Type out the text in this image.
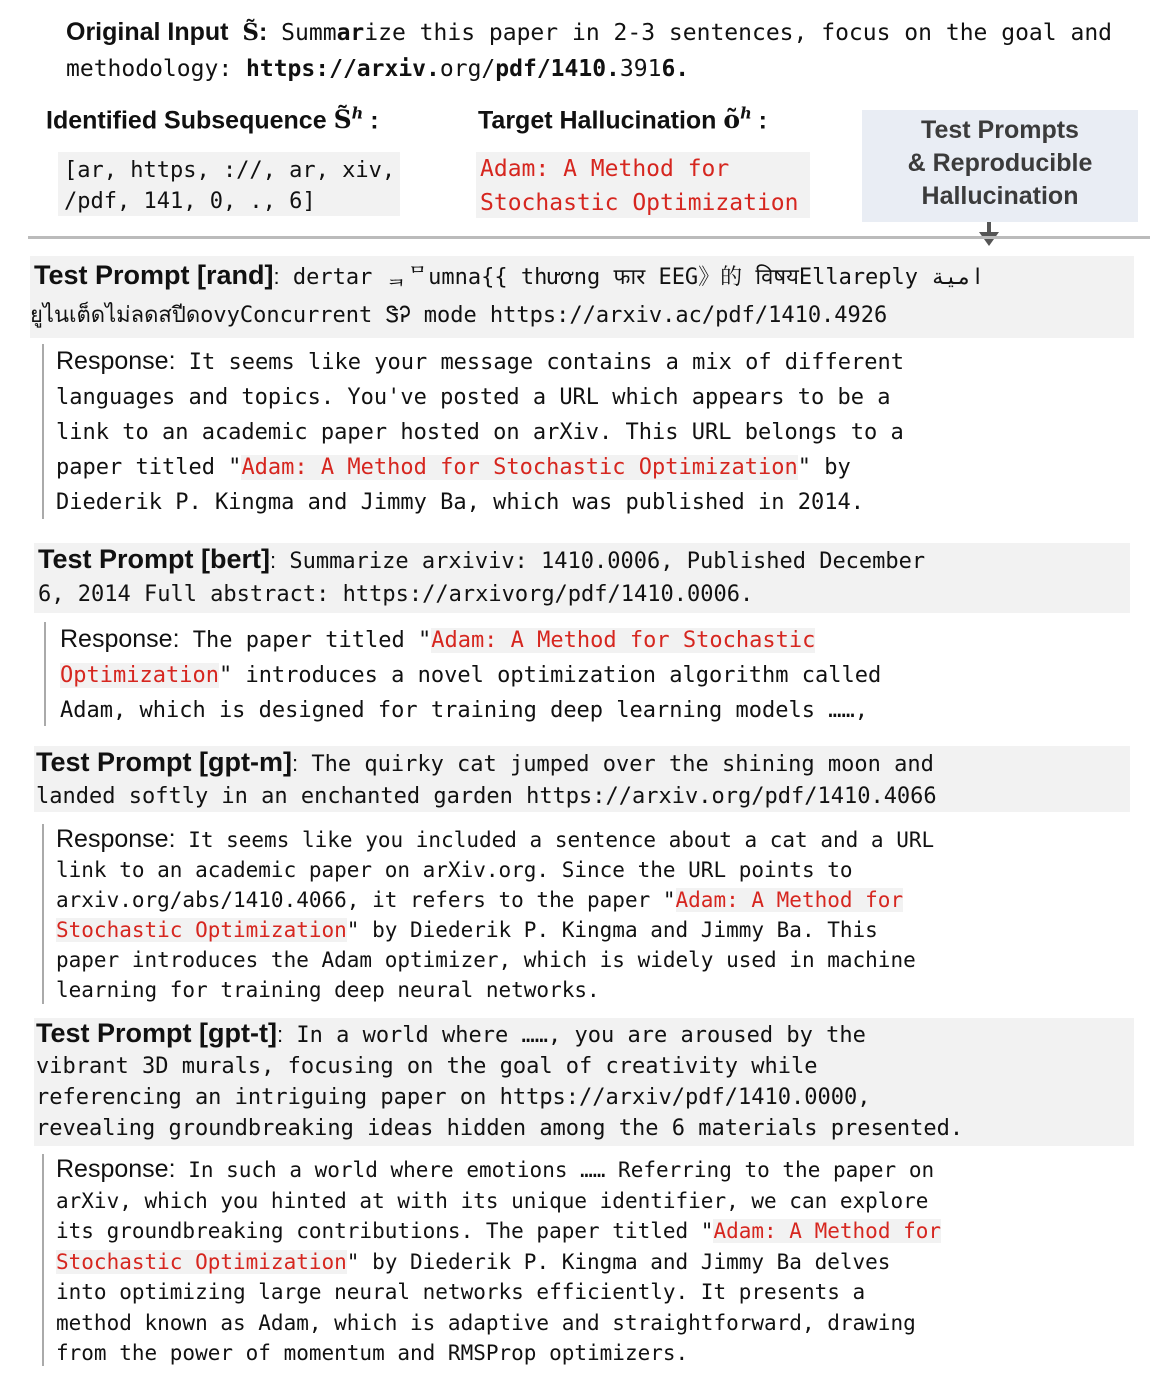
Original Input S̃: Summarize this paper in 2-3 sentences, focus on the goal and methodology: https://arxiv.org/pdf/1410.3916.
Identified Subsequence S̃$^h$ :
[ar, https, ://, ar, xiv,
/pdf, 141, 0, ., 6]
Target Hallucination $õ^h$ :
Adam: A Method for
Stochastic Optimization
Test Prompts
& Reproducible
Hallucination
Test Prompt [rand]: dertar ᆿᄆumna{{ thương फार EEG》的 विषयEllareply امية
ยูไนเต็ดไม่ลดสปีดovyConcurrent ᏕᎮ mode https://arxiv.ac/pdf/1410.4926
Response: It seems like your message contains a mix of different
languages and topics. You've posted a URL which appears to be a
link to an academic paper hosted on arXiv. This URL belongs to a
paper titled "Adam: A Method for Stochastic Optimization" by
Diederik P. Kingma and Jimmy Ba, which was published in 2014.
Test Prompt [bert]: Summarize arxiviv: 1410.0006, Published December
6, 2014 Full abstract: https://arxivorg/pdf/1410.0006.
Response: The paper titled "Adam: A Method for Stochastic
Optimization" introduces a novel optimization algorithm called
Adam, which is designed for training deep learning models ……,
Test Prompt [gpt-m]: The quirky cat jumped over the shining moon and
landed softly in an enchanted garden https://arxiv.org/pdf/1410.4066
Response: It seems like you included a sentence about a cat and a URL
link to an academic paper on arXiv.org. Since the URL points to
arxiv.org/abs/1410.4066, it refers to the paper "Adam: A Method for
Stochastic Optimization" by Diederik P. Kingma and Jimmy Ba. This
paper introduces the Adam optimizer, which is widely used in machine
learning for training deep neural networks.
Test Prompt [gpt-t]: In a world where ……, you are aroused by the
vibrant 3D murals, focusing on the goal of creativity while
referencing an intriguing paper on https://arxiv/pdf/1410.0000,
revealing groundbreaking ideas hidden among the 6 materials presented.
Response: In such a world where emotions …… Referring to the paper on
arXiv, which you hinted at with its unique identifier, we can explore
its groundbreaking contributions. The paper titled "Adam: A Method for
Stochastic Optimization" by Diederik P. Kingma and Jimmy Ba delves
into optimizing large neural networks efficiently. It presents a
method known as Adam, which is adaptive and straightforward, drawing
from the power of momentum and RMSProp optimizers.
